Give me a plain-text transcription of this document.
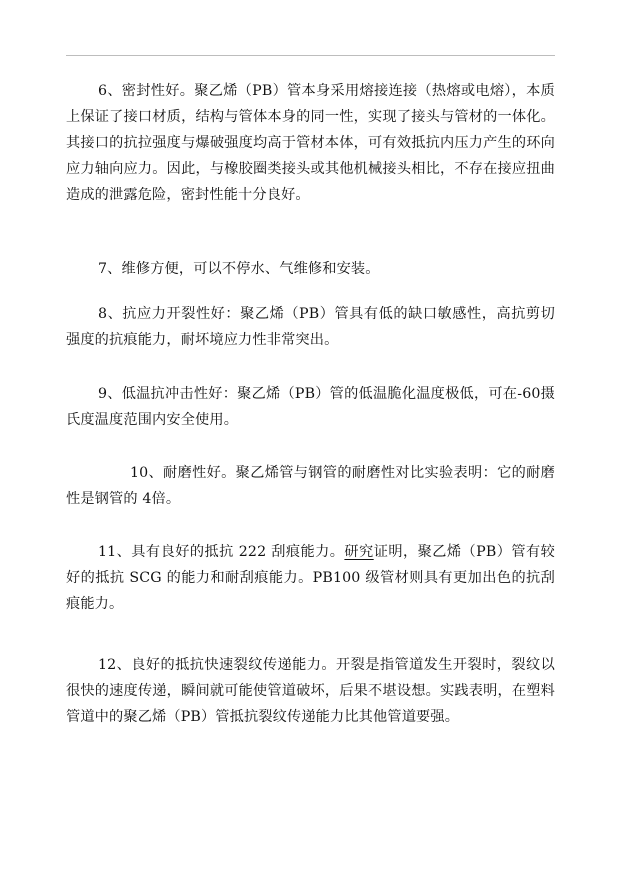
6、密封性好。聚乙烯（PB）管本身采用熔接连接（热熔或电熔），本质上保证了接口材质，结构与管体本身的同一性，实现了接头与管材的一体化。其接口的抗拉强度与爆破强度均高于管材本体，可有效抵抗内压力产生的环向应力轴向应力。因此，与橡胶圈类接头或其他机械接头相比，不存在接应扭曲造成的泄露危险，密封性能十分良好。

7、维修方便，可以不停水、气维修和安装。

8、抗应力开裂性好：聚乙烯（PB）管具有低的缺口敏感性，高抗剪切强度的抗痕能力，耐坏境应力性非常突出。

9、低温抗冲击性好：聚乙烯（PB）管的低温脆化温度极低，可在-60摄氏度温度范围内安全使用。

10、耐磨性好。聚乙烯管与钢管的耐磨性对比实验表明：它的耐磨性是钢管的 4倍。

11、具有良好的抵抗 222 刮痕能力。研究证明，聚乙烯（PB）管有较好的抵抗 SCG 的能力和耐刮痕能力。PB100 级管材则具有更加出色的抗刮痕能力。

12、良好的抵抗快速裂纹传递能力。开裂是指管道发生开裂时，裂纹以很快的速度传递，瞬间就可能使管道破坏，后果不堪设想。实践表明，在塑料管道中的聚乙烯（PB）管抵抗裂纹传递能力比其他管道要强。
